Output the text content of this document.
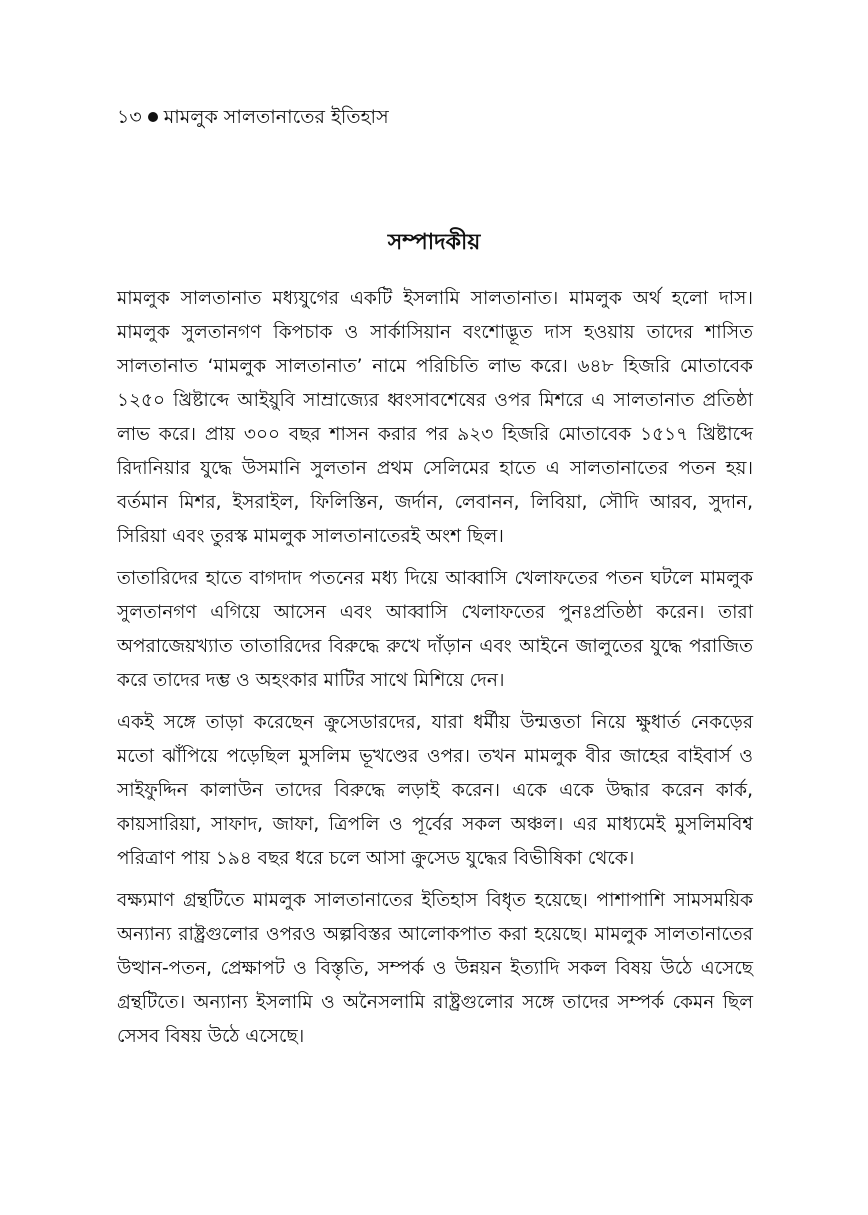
১৩ মামলুক সালতানাতের ইতিহাস
সম্পাদকীয়

মামলুক সালতানাত মধ্যযুগের একটি ইসলামি সালতানাত। মামলুক অর্থ হলো দাস। মামলুক সুলতানগণ কিপচাক ও সার্কাসিয়ান বংশোদ্ভূত দাস হওয়ায় তাদের শাসিত সালতানাত ‘মামলুক সালতানাত’ নামে পরিচিতি লাভ করে। ৬৪৮ হিজরি মোতাবেক ১২৫০ খ্রিষ্টাব্দে আইয়ুবি সাম্রাজ্যের ধ্বংসাবশেষের ওপর মিশরে এ সালতানাত প্রতিষ্ঠা লাভ করে। প্রায় ৩০০ বছর শাসন করার পর ৯২৩ হিজরি মোতাবেক ১৫১৭ খ্রিষ্টাব্দে রিদানিয়ার যুদ্ধে উসমানি সুলতান প্রথম সেলিমের হাতে এ সালতানাতের পতন হয়। বর্তমান মিশর, ইসরাইল, ফিলিস্তিন, জর্দান, লেবানন, লিবিয়া, সৌদি আরব, সুদান, সিরিয়া এবং তুরস্ক মামলুক সালতানাতেরই অংশ ছিল।

তাতারিদের হাতে বাগদাদ পতনের মধ্য দিয়ে আব্বাসি খেলাফতের পতন ঘটলে মামলুক সুলতানগণ এগিয়ে আসেন এবং আব্বাসি খেলাফতের পুনঃপ্রতিষ্ঠা করেন। তারা অপরাজেয়খ্যাত তাতারিদের বিরুদ্ধে রুখে দাঁড়ান এবং আইনে জালুতের যুদ্ধে পরাজিত করে তাদের দম্ভ ও অহংকার মাটির সাথে মিশিয়ে দেন।

একই সঙ্গে তাড়া করেছেন ক্রুসেডারদের, যারা ধর্মীয় উন্মত্ততা নিয়ে ক্ষুধার্ত নেকড়ের মতো ঝাঁপিয়ে পড়েছিল মুসলিম ভূখণ্ডের ওপর। তখন মামলুক বীর জাহের বাইবার্স ও সাইফুদ্দিন কালাউন তাদের বিরুদ্ধে লড়াই করেন। একে একে উদ্ধার করেন কার্ক, কায়সারিয়া, সাফাদ, জাফা, ত্রিপলি ও পূর্বের সকল অঞ্চল। এর মাধ্যমেই মুসলিমবিশ্ব পরিত্রাণ পায় ১৯৪ বছর ধরে চলে আসা ক্রুসেড যুদ্ধের বিভীষিকা থেকে।

বক্ষ্যমাণ গ্রন্থটিতে মামলুক সালতানাতের ইতিহাস বিধৃত হয়েছে। পাশাপাশি সামসময়িক অন্যান্য রাষ্ট্রগুলোর ওপরও অল্পবিস্তর আলোকপাত করা হয়েছে। মামলুক সালতানাতের উত্থান-পতন, প্রেক্ষাপট ও বিস্তৃতি, সম্পর্ক ও উন্নয়ন ইত্যাদি সকল বিষয় উঠে এসেছে গ্রন্থটিতে। অন্যান্য ইসলামি ও অনৈসলামি রাষ্ট্রগুলোর সঙ্গে তাদের সম্পর্ক কেমন ছিল সেসব বিষয় উঠে এসেছে।
